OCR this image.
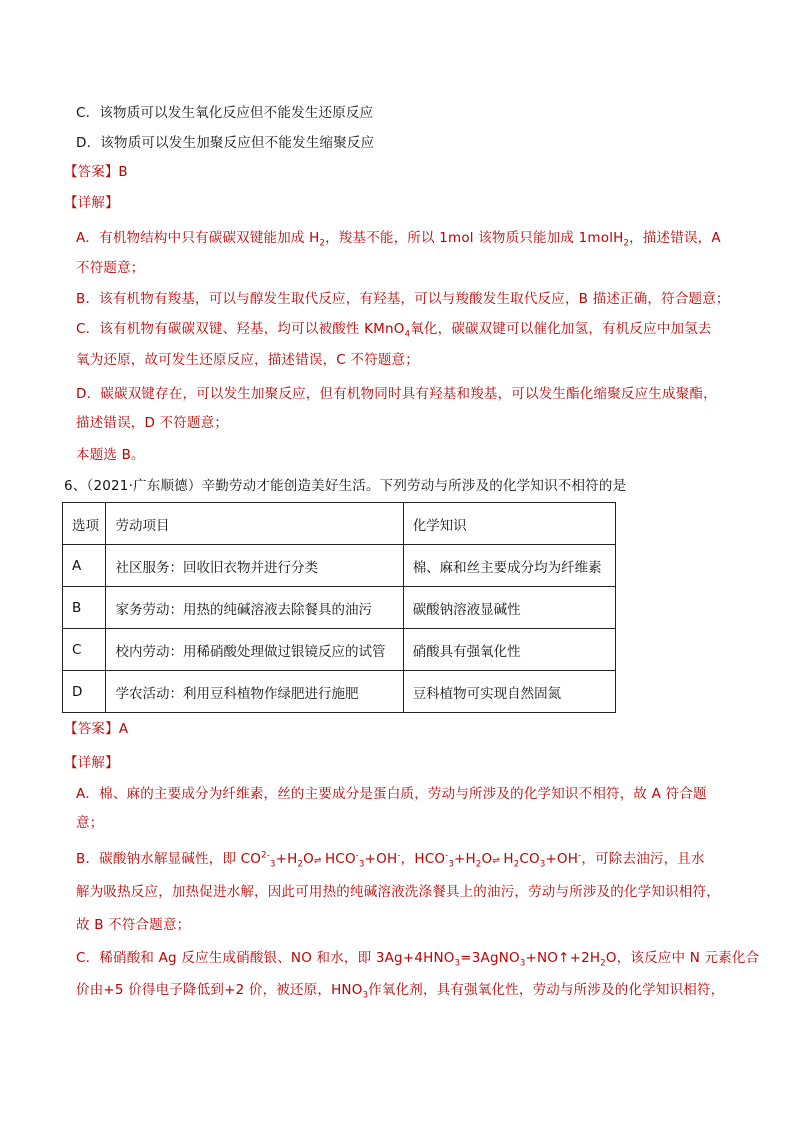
C．该物质可以发生氧化反应但不能发生还原反应
D．该物质可以发生加聚反应但不能发生缩聚反应
【答案】B
【详解】
A．有机物结构中只有碳碳双键能加成 $H_2$，羧基不能，所以 1mol 该物质只能加成 1molH$_2$，描述错误，A
不符题意；
B．该有机物有羧基，可以与醇发生取代反应，有羟基，可以与羧酸发生取代反应，B 描述正确，符合题意；
C．该有机物有碳碳双键、羟基，均可以被酸性 KMnO$_4$氧化，碳碳双键可以催化加氢，有机反应中加氢去
氧为还原，故可发生还原反应，描述错误，C 不符题意；
D．碳碳双键存在，可以发生加聚反应，但有机物同时具有羟基和羧基，可以发生酯化缩聚反应生成聚酯，
描述错误，D 不符题意；
本题选 B。
6、（2021·广东顺德）辛勤劳动才能创造美好生活。下列劳动与所涉及的化学知识不相符的是
选项	劳动项目	化学知识
A	社区服务：回收旧衣物并进行分类	棉、麻和丝主要成分均为纤维素
B	家务劳动：用热的纯碱溶液去除餐具的油污	碳酸钠溶液显碱性
C	校内劳动：用稀硝酸处理做过银镜反应的试管	硝酸具有强氧化性
D	学农活动：利用豆科植物作绿肥进行施肥	豆科植物可实现自然固氮
【答案】A
【详解】
A．棉、麻的主要成分为纤维素，丝的主要成分是蛋白质，劳动与所涉及的化学知识不相符，故 A 符合题
意；
B．碳酸钠水解显碱性，即 $CO^{2-}_3+H_2O\rightleftharpoons$ $HCO^-_3+OH^-$，$HCO^-_3+H_2O\rightleftharpoons$ $H_2CO_3+OH^-$，可除去油污，且水
解为吸热反应，加热促进水解，因此可用热的纯碱溶液洗涤餐具上的油污，劳动与所涉及的化学知识相符，
故 B 不符合题意；
C．稀硝酸和 Ag 反应生成硝酸银、NO 和水，即 $3Ag+4HNO_3=3AgNO_3+NO↑+2H_2O$，该反应中 N 元素化合
价由+5 价得电子降低到+2 价，被还原，$HNO_3$作氧化剂，具有强氧化性，劳动与所涉及的化学知识相符，
